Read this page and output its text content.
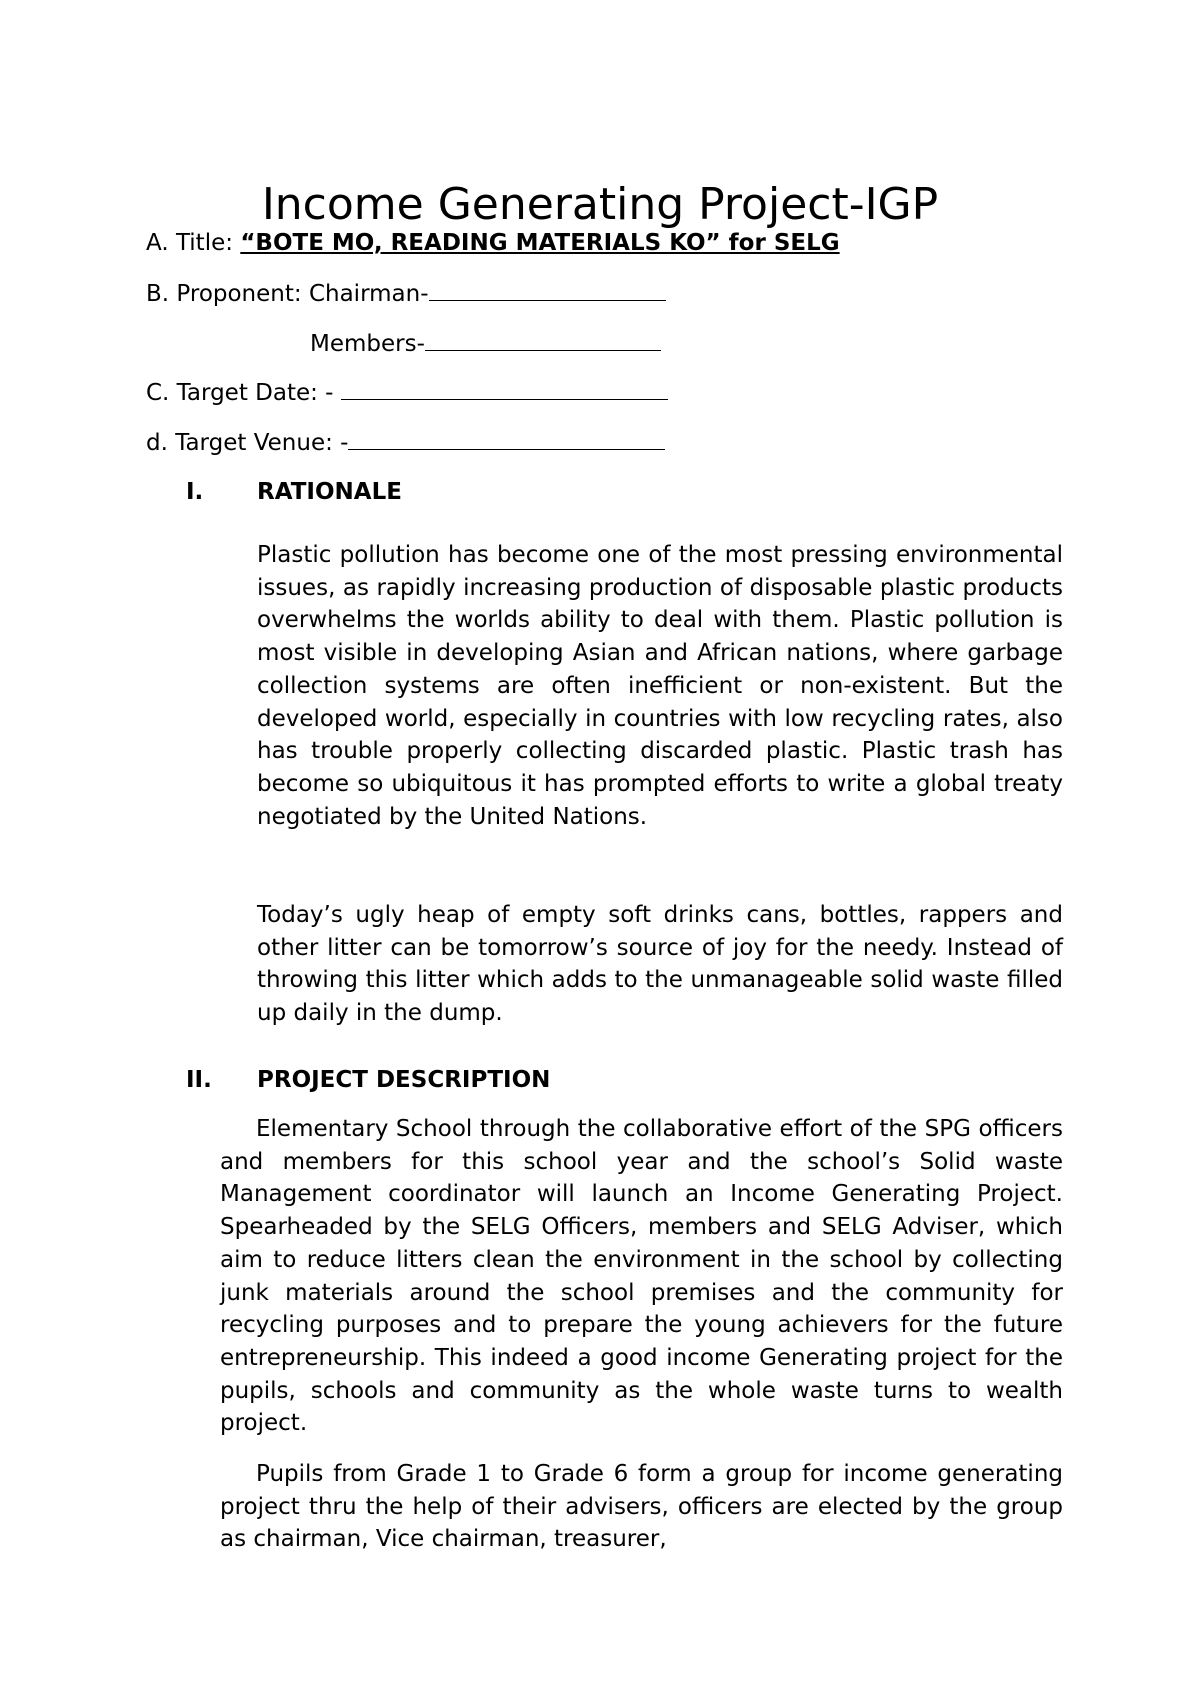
Income Generating Project-IGP
A. Title: “BOTE MO, READING MATERIALS KO” for SELG
B. Proponent: Chairman-
Members-
C. Target Date: -
d. Target Venue: -
I. RATIONALE

Plastic pollution has become one of the most pressing environmental issues, as rapidly increasing production of disposable plastic products overwhelms the worlds ability to deal with them. Plastic pollution is most visible in developing Asian and African nations, where garbage collection systems are often inefficient or non-existent. But the developed world, especially in countries with low recycling rates, also has trouble properly collecting discarded plastic. Plastic trash has become so ubiquitous it has prompted efforts to write a global treaty negotiated by the United Nations.

Today’s ugly heap of empty soft drinks cans, bottles, rappers and other litter can be tomorrow’s source of joy for the needy. Instead of throwing this litter which adds to the unmanageable solid waste filled up daily in the dump.

II. PROJECT DESCRIPTION

Elementary School through the collaborative effort of the SPG officers and members for this school year and the school’s Solid waste Management coordinator will launch an Income Generating Project. Spearheaded by the SELG Officers, members and SELG Adviser, which aim to reduce litters clean the environment in the school by collecting junk materials around the school premises and the community for recycling purposes and to prepare the young achievers for the future entrepreneurship. This indeed a good income Generating project for the pupils, schools and community as the whole waste turns to wealth project.

Pupils from Grade 1 to Grade 6 form a group for income generating project thru the help of their advisers, officers are elected by the group as chairman, Vice chairman, treasurer,
